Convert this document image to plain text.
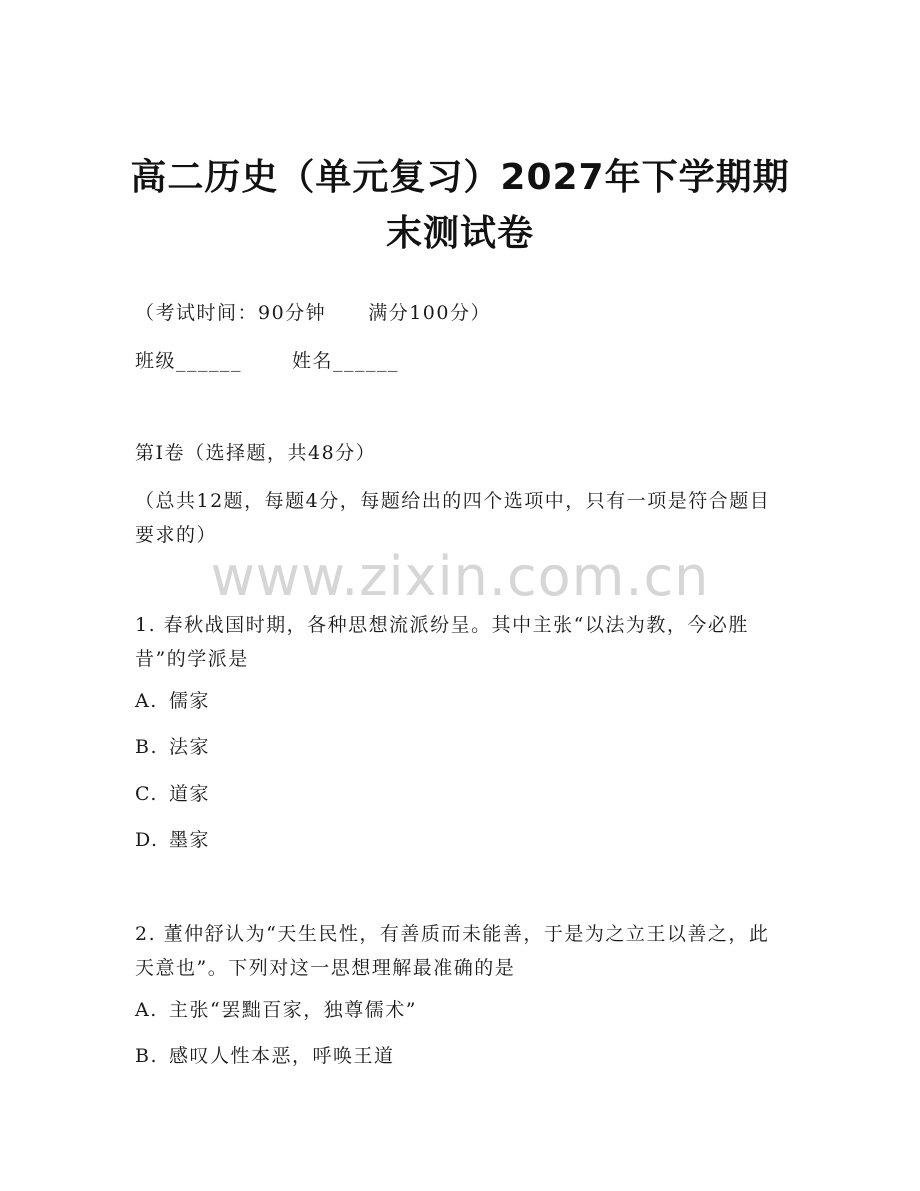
高二历史（单元复习）2027年下学期期末测试卷
（考试时间：90分钟 满分100分）
班级______	姓名______
第Ⅰ卷（选择题，共48分）
（总共12题，每题4分，每题给出的四个选项中，只有一项是符合题目要求的）
www.zixin.com.cn
1. 春秋战国时期，各种思想流派纷呈。其中主张“以法为教，今必胜昔”的学派是
A. 儒家
B. 法家
C. 道家
D. 墨家
2. 董仲舒认为“天生民性，有善质而未能善，于是为之立王以善之，此天意也”。下列对这一思想理解最准确的是
A. 主张“罢黜百家，独尊儒术”
B. 感叹人性本恶，呼唤王道
